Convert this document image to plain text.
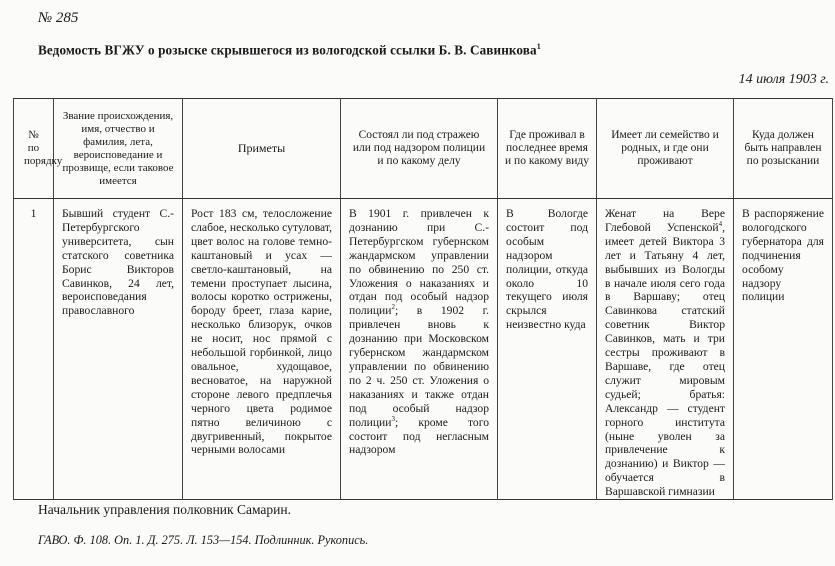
№ 285
Ведомость ВГЖУ о розыске скрывшегося из вологодской ссылки Б. В. Савинкова$^1$
14 июля 1903 г.
№ по порядку	Звание происхождения, имя, отчество и фамилия, лета, вероисповедание и прозвище, если таковое имеется	Приметы	Состоял ли под стражею или под надзором полиции и по какому делу	Где проживал в последнее время и по какому виду	Имеет ли семейство и родных, и где они проживают	Куда должен быть направлен по розыскании
1	Бывший студент С.-Петербургского университета, сын статского советника Борис Викторов Савинков, 24 лет, вероисповедания православного	Рост 183 см, телосложение слабое, несколько сутуловат, цвет волос на голове темно-каштановый и усах — светло-каштановый, на темени проступает лысина, волосы коротко острижены, бороду бреет, глаза карие, несколько близорук, очков не носит, нос прямой с небольшой горбинкой, лицо овальное, худощавое, весноватое, на наружной стороне левого предплечья черного цвета родимое пятно величиною с двугривенный, покрытое черными волосами	В 1901 г. привлечен к дознанию при С.-Петербургском губернском жандармском управлении по обвинению по 250 ст. Уложения о наказаниях и отдан под особый надзор полиции$^2$; в 1902 г. привлечен вновь к дознанию при Московском губернском жандармском управлении по обвинению по 2 ч. 250 ст. Уложения о наказаниях и также отдан под особый надзор полиции$^3$; кроме того состоит под негласным надзором	В Вологде состоит под особым надзором полиции, откуда около 10 текущего июля скрылся неизвестно куда	Женат на Вере Глебовой Успенской$^4$, имеет детей Виктора 3 лет и Татьяну 4 лет, выбывших из Вологды в начале июля сего года в Варшаву; отец Савинкова статский советник Виктор Савинков, мать и три сестры проживают в Варшаве, где отец служит мировым судьей; братья: Александр — студент горного института (ныне уволен за привлечение к дознанию) и Виктор — обучается в Варшавской гимназии	В распоряжение вологодского губернатора для подчинения особому надзору полиции
Начальник управления полковник Самарин.
ГАВО. Ф. 108. Оп. 1. Д. 275. Л. 153—154. Подлинник. Рукопись.
